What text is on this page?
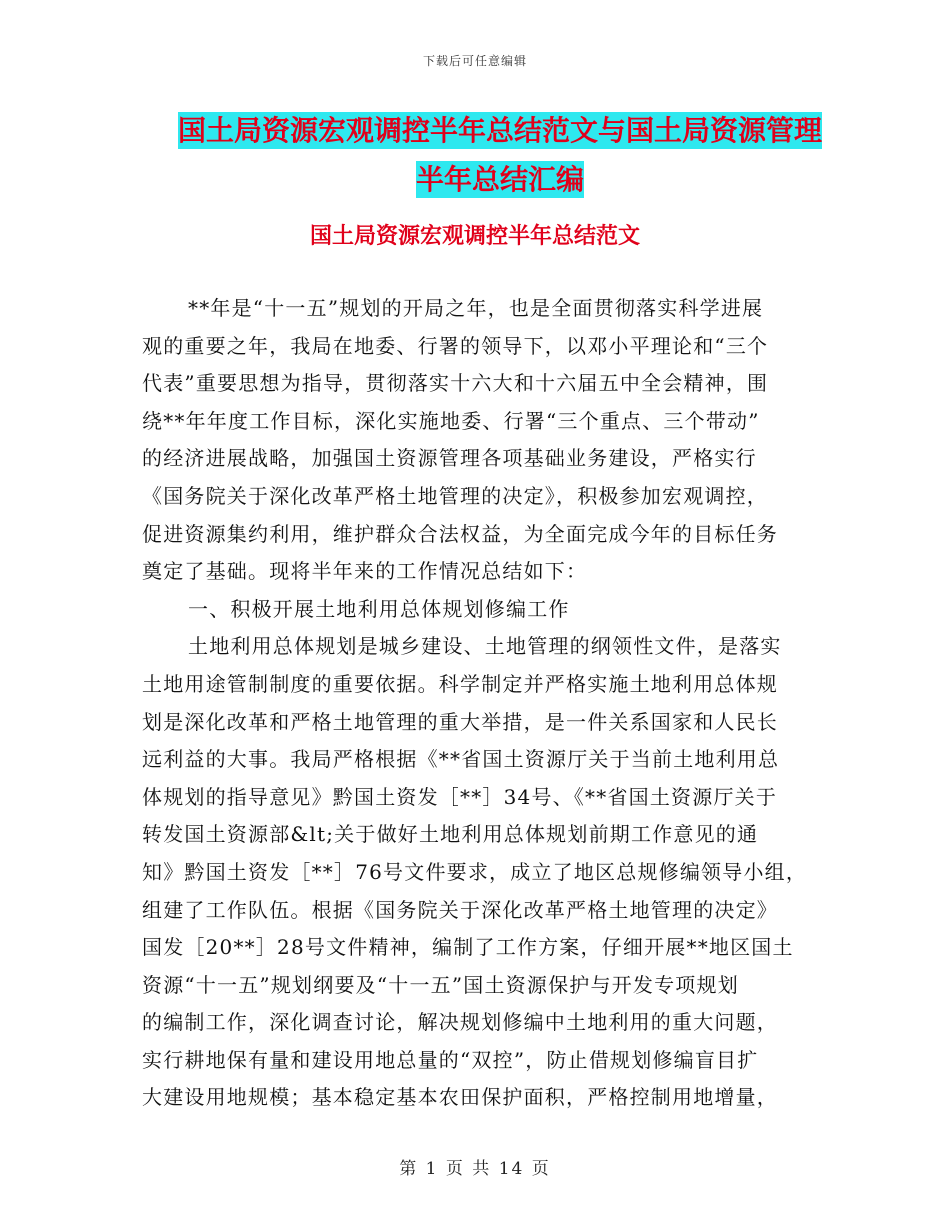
下载后可任意编辑
国土局资源宏观调控半年总结范文与国土局资源管理
半年总结汇编
国土局资源宏观调控半年总结范文
**年是“十一五”规划的开局之年，也是全面贯彻落实科学进展
观的重要之年，我局在地委、行署的领导下，以邓小平理论和“三个
代表”重要思想为指导，贯彻落实十六大和十六届五中全会精神，围
绕**年年度工作目标，深化实施地委、行署“三个重点、三个带动”
的经济进展战略，加强国土资源管理各项基础业务建设，严格实行
《国务院关于深化改革严格土地管理的决定》，积极参加宏观调控，
促进资源集约利用，维护群众合法权益，为全面完成今年的目标任务
奠定了基础。现将半年来的工作情况总结如下：
一、积极开展土地利用总体规划修编工作
土地利用总体规划是城乡建设、土地管理的纲领性文件，是落实
土地用途管制制度的重要依据。科学制定并严格实施土地利用总体规
划是深化改革和严格土地管理的重大举措，是一件关系国家和人民长
远利益的大事。我局严格根据《**省国土资源厅关于当前土地利用总
体规划的指导意见》黔国土资发［**］34号、《**省国土资源厅关于
转发国土资源部&lt;关于做好土地利用总体规划前期工作意见的通
知》黔国土资发［**］76号文件要求，成立了地区总规修编领导小组，
组建了工作队伍。根据《国务院关于深化改革严格土地管理的决定》
国发［20**］28号文件精神，编制了工作方案，仔细开展**地区国土
资源“十一五”规划纲要及“十一五”国土资源保护与开发专项规划
的编制工作，深化调查讨论，解决规划修编中土地利用的重大问题，
实行耕地保有量和建设用地总量的“双控”，防止借规划修编盲目扩
大建设用地规模；基本稳定基本农田保护面积，严格控制用地增量，
第 1 页 共 14 页
